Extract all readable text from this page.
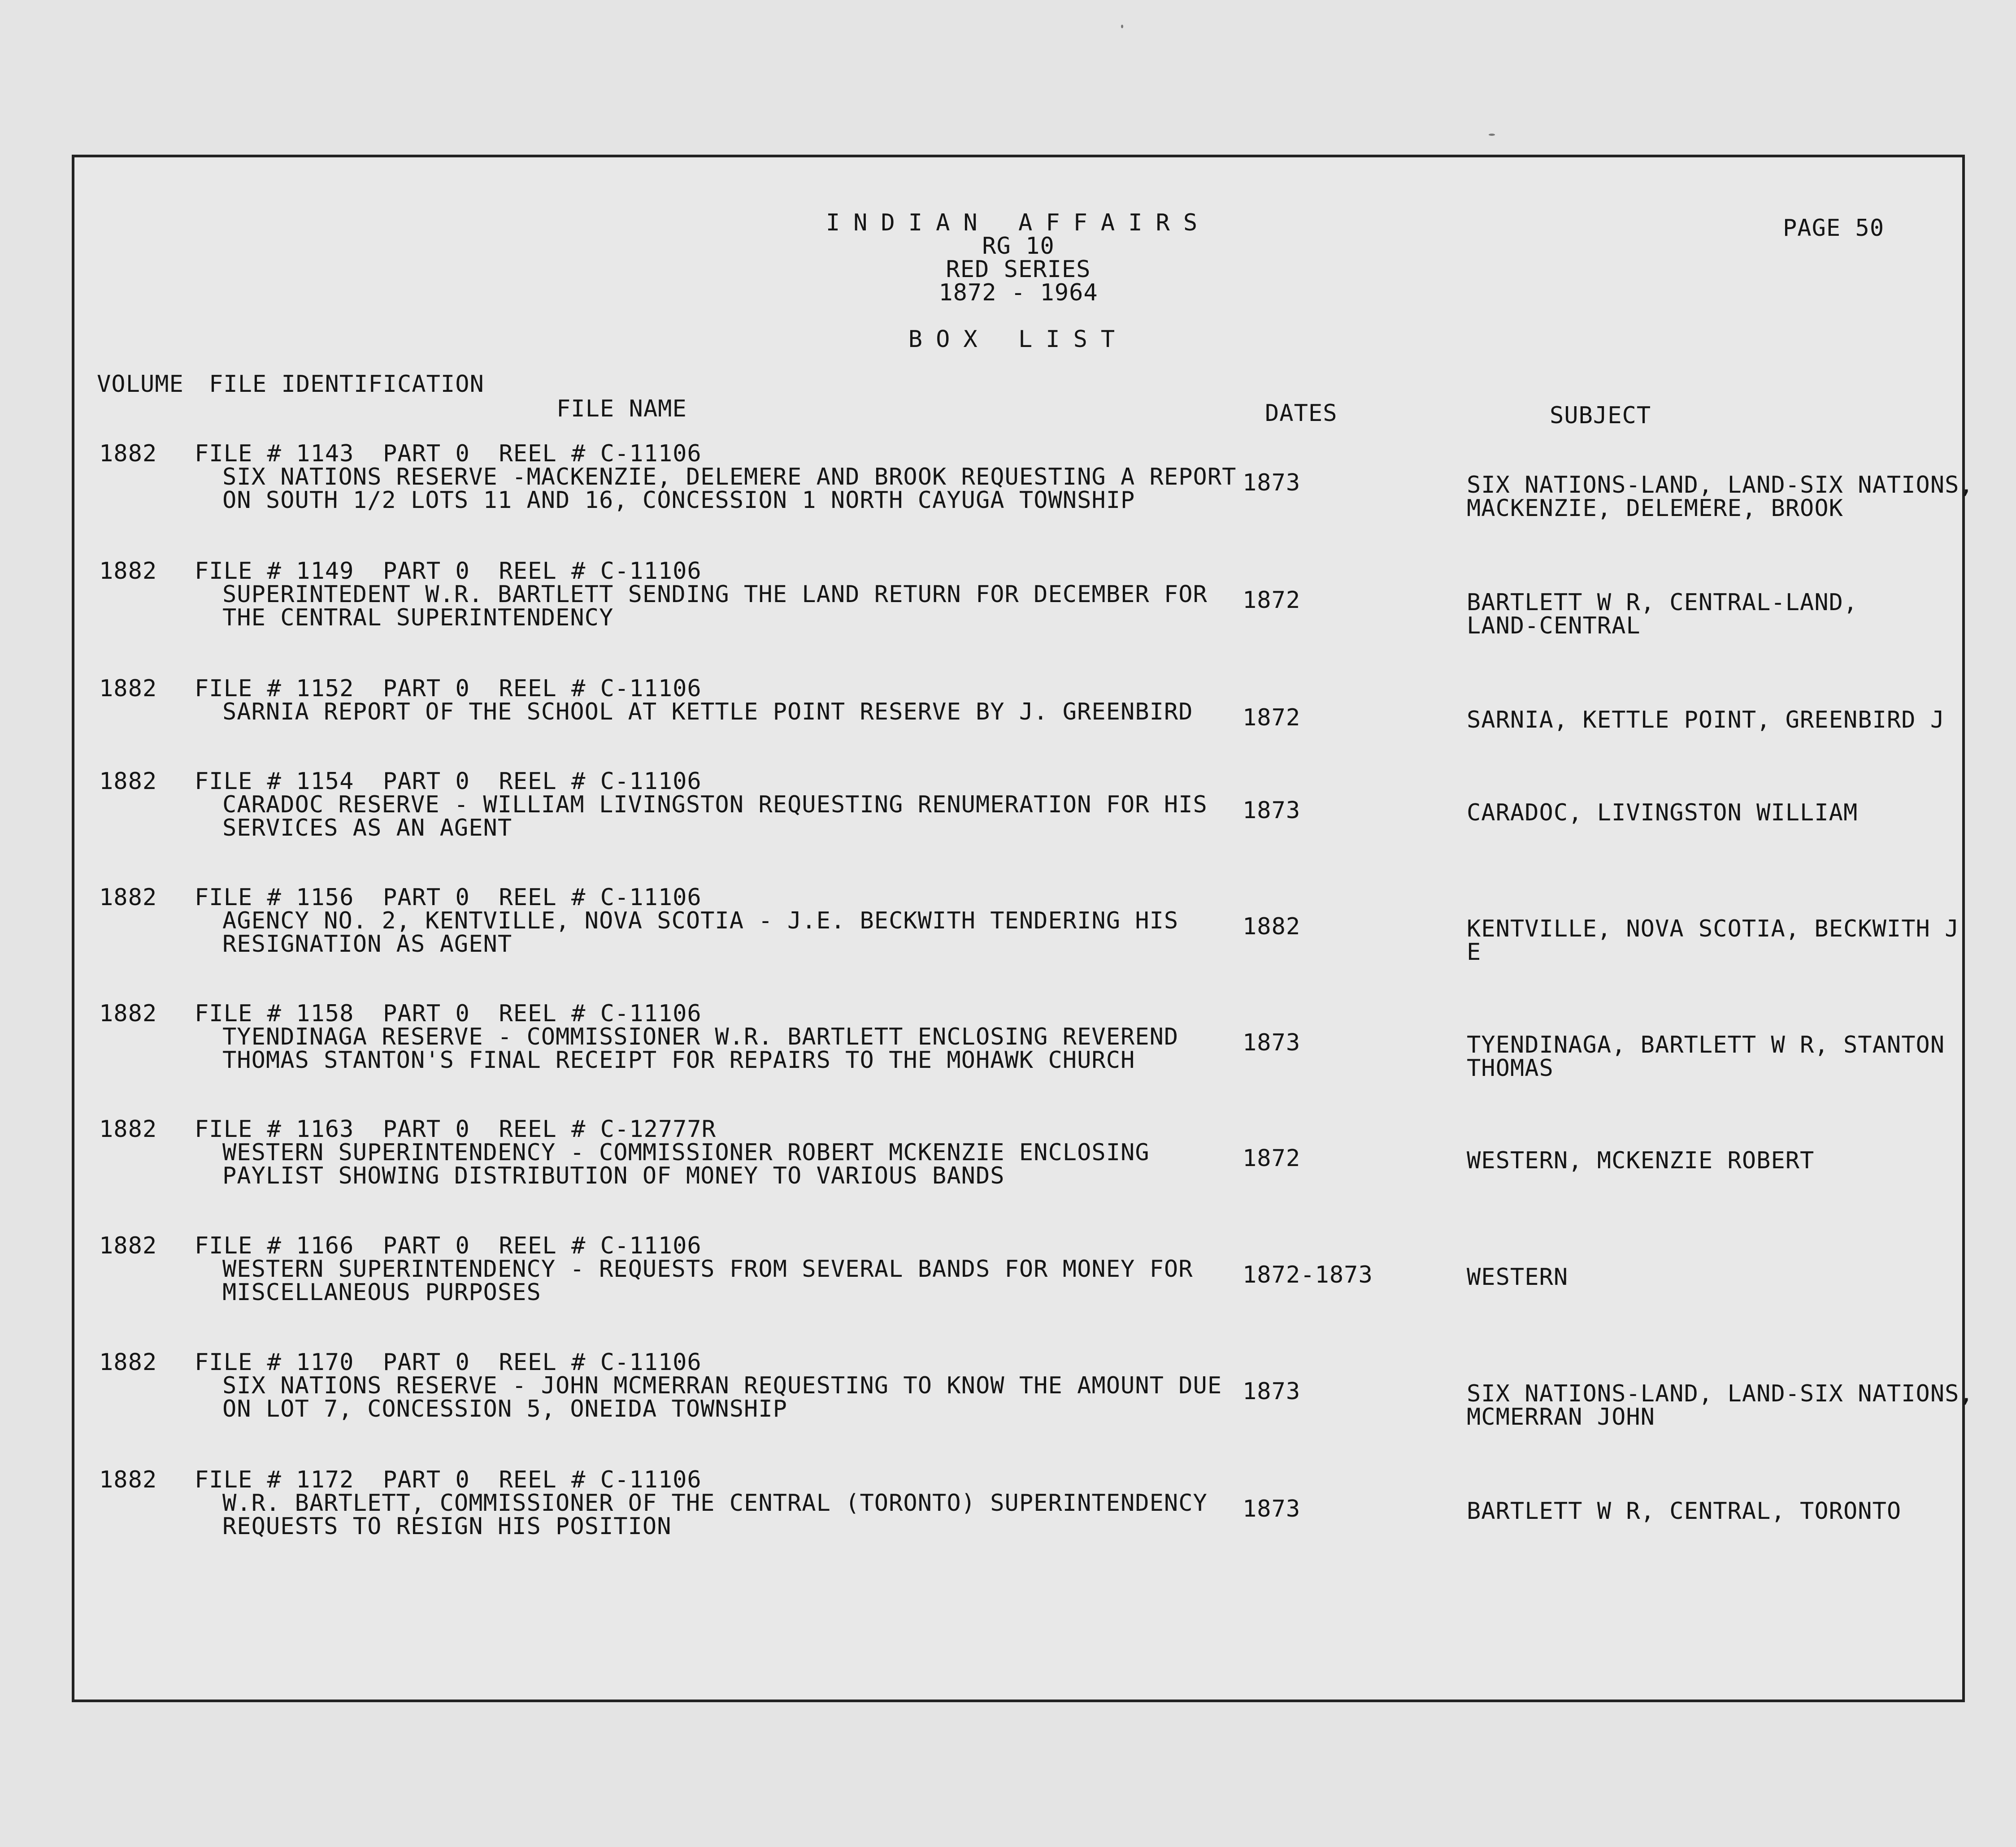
INDIAN AFFAIRS
RG 10
RED SERIES
1872 - 1964
BOX LIST
PAGE 50
VOLUME FILE IDENTIFICATION
FILE NAME	DATES	SUBJECT
1882 FILE # 1143  PART 0  REEL # C-11106
SIX NATIONS RESERVE -MACKENZIE, DELEMERE AND BROOK REQUESTING A REPORT
ON SOUTH 1/2 LOTS 11 AND 16, CONCESSION 1 NORTH CAYUGA TOWNSHIP
1873	SIX NATIONS-LAND, LAND-SIX NATIONS,
MACKENZIE, DELEMERE, BROOK
1882 FILE # 1149  PART 0  REEL # C-11106
SUPERINTEDENT W.R. BARTLETT SENDING THE LAND RETURN FOR DECEMBER FOR
THE CENTRAL SUPERINTENDENCY
1872	BARTLETT W R, CENTRAL-LAND,
LAND-CENTRAL
1882 FILE # 1152  PART 0  REEL # C-11106
SARNIA REPORT OF THE SCHOOL AT KETTLE POINT RESERVE BY J. GREENBIRD 1872	SARNIA, KETTLE POINT, GREENBIRD J
1882 FILE # 1154  PART 0  REEL # C-11106
CARADOC RESERVE - WILLIAM LIVINGSTON REQUESTING RENUMERATION FOR HIS
SERVICES AS AN AGENT
1873	CARADOC, LIVINGSTON WILLIAM
1882 FILE # 1156  PART 0  REEL # C-11106
AGENCY NO. 2, KENTVILLE, NOVA SCOTIA - J.E. BECKWITH TENDERING HIS
RESIGNATION AS AGENT
1882	KENTVILLE, NOVA SCOTIA, BECKWITH J
E
1882 FILE # 1158  PART 0  REEL # C-11106
TYENDINAGA RESERVE - COMMISSIONER W.R. BARTLETT ENCLOSING REVEREND
THOMAS STANTON'S FINAL RECEIPT FOR REPAIRS TO THE MOHAWK CHURCH
1873	TYENDINAGA, BARTLETT W R, STANTON
THOMAS
1882 FILE # 1163  PART 0  REEL # C-12777R
WESTERN SUPERINTENDENCY - COMMISSIONER ROBERT MCKENZIE ENCLOSING
PAYLIST SHOWING DISTRIBUTION OF MONEY TO VARIOUS BANDS
1872	WESTERN, MCKENZIE ROBERT
1882 FILE # 1166  PART 0  REEL # C-11106
WESTERN SUPERINTENDENCY - REQUESTS FROM SEVERAL BANDS FOR MONEY FOR
MISCELLANEOUS PURPOSES
1872-1873	WESTERN
1882 FILE # 1170  PART 0  REEL # C-11106
SIX NATIONS RESERVE - JOHN MCMERRAN REQUESTING TO KNOW THE AMOUNT DUE
ON LOT 7, CONCESSION 5, ONEIDA TOWNSHIP
1873	SIX NATIONS-LAND, LAND-SIX NATIONS,
MCMERRAN JOHN
1882 FILE # 1172  PART 0  REEL # C-11106
W.R. BARTLETT, COMMISSIONER OF THE CENTRAL (TORONTO) SUPERINTENDENCY
REQUESTS TO RESIGN HIS POSITION
1873	BARTLETT W R, CENTRAL, TORONTO
